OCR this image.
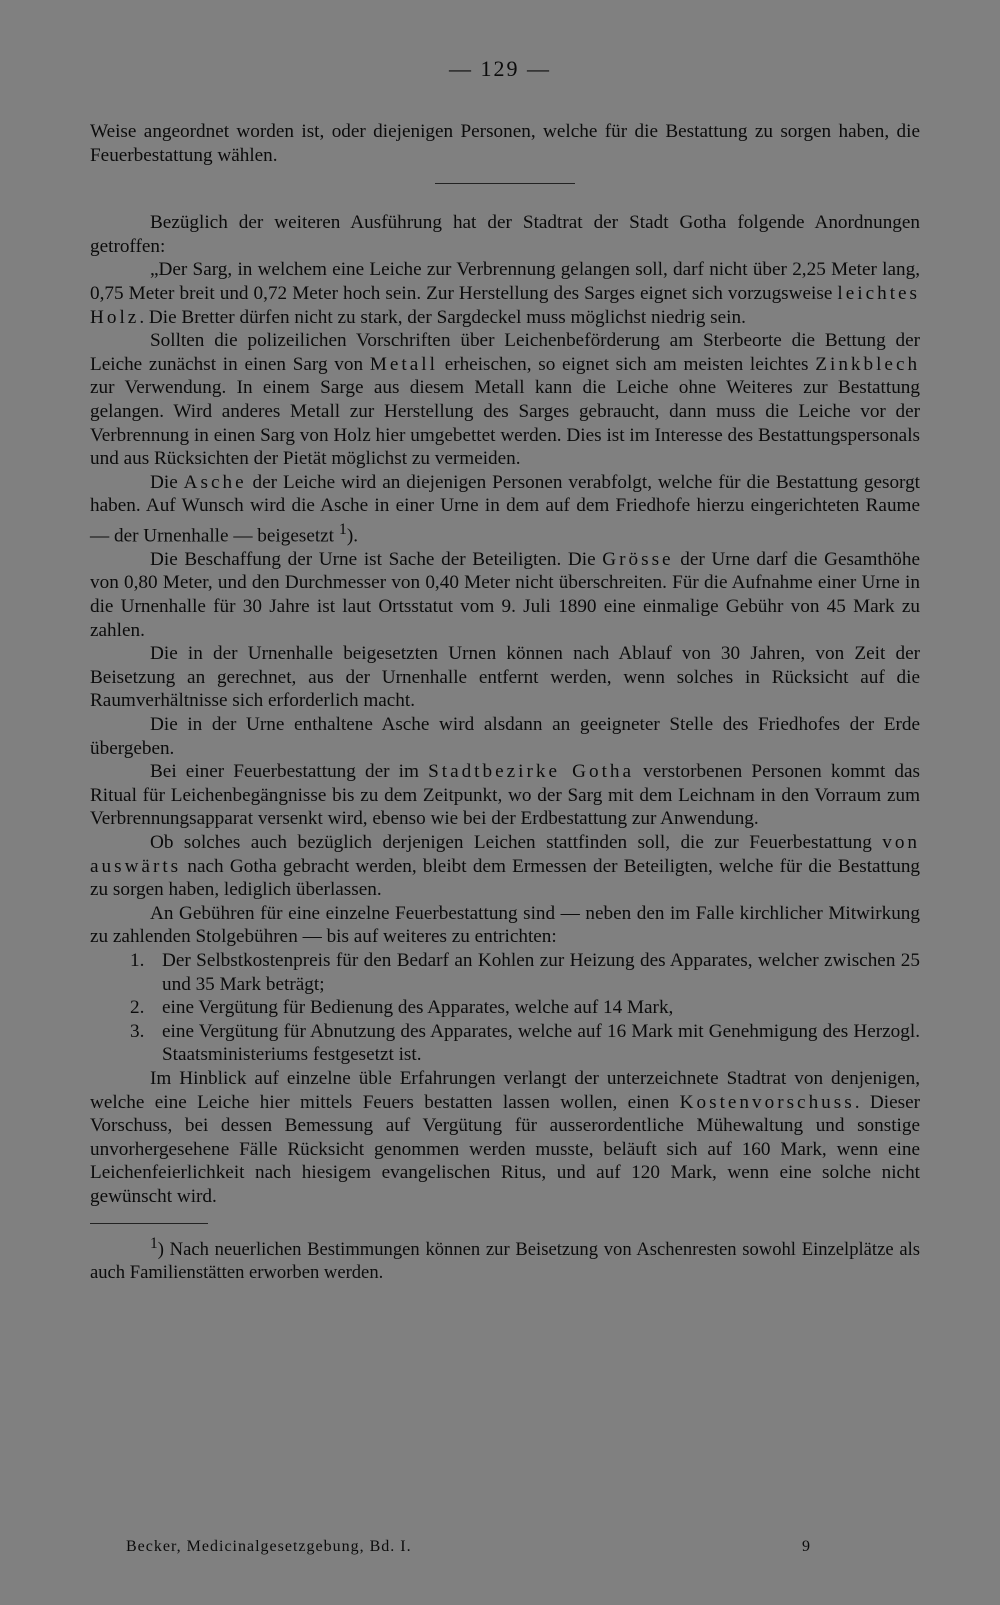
— 129 —

Weise angeordnet worden ist, oder diejenigen Personen, welche für die Bestattung zu sorgen haben, die Feuerbestattung wählen.

Bezüglich der weiteren Ausführung hat der Stadtrat der Stadt Gotha folgende Anordnungen getroffen:

„Der Sarg, in welchem eine Leiche zur Verbrennung gelangen soll, darf nicht über 2,25 Meter lang, 0,75 Meter breit und 0,72 Meter hoch sein. Zur Herstellung des Sarges eignet sich vorzugsweise leichtes Holz. Die Bretter dürfen nicht zu stark, der Sargdeckel muss möglichst niedrig sein.

Sollten die polizeilichen Vorschriften über Leichenbeförderung am Sterbeorte die Bettung der Leiche zunächst in einen Sarg von Metall erheischen, so eignet sich am meisten leichtes Zinkblech zur Verwendung. In einem Sarge aus diesem Metall kann die Leiche ohne Weiteres zur Bestattung gelangen. Wird anderes Metall zur Herstellung des Sarges gebraucht, dann muss die Leiche vor der Verbrennung in einen Sarg von Holz hier umgebettet werden. Dies ist im Interesse des Bestattungspersonals und aus Rücksichten der Pietät möglichst zu vermeiden.

Die Asche der Leiche wird an diejenigen Personen verabfolgt, welche für die Bestattung gesorgt haben. Auf Wunsch wird die Asche in einer Urne in dem auf dem Friedhofe hierzu eingerichteten Raume — der Urnenhalle — beigesetzt $^1$).

Die Beschaffung der Urne ist Sache der Beteiligten. Die Grösse der Urne darf die Gesamthöhe von 0,80 Meter, und den Durchmesser von 0,40 Meter nicht überschreiten. Für die Aufnahme einer Urne in die Urnenhalle für 30 Jahre ist laut Ortsstatut vom 9. Juli 1890 eine einmalige Gebühr von 45 Mark zu zahlen.

Die in der Urnenhalle beigesetzten Urnen können nach Ablauf von 30 Jahren, von Zeit der Beisetzung an gerechnet, aus der Urnenhalle entfernt werden, wenn solches in Rücksicht auf die Raumverhältnisse sich erforderlich macht.

Die in der Urne enthaltene Asche wird alsdann an geeigneter Stelle des Friedhofes der Erde übergeben.

Bei einer Feuerbestattung der im Stadtbezirke Gotha verstorbenen Personen kommt das Ritual für Leichenbegängnisse bis zu dem Zeitpunkt, wo der Sarg mit dem Leichnam in den Vorraum zum Verbrennungsapparat versenkt wird, ebenso wie bei der Erdbestattung zur Anwendung.

Ob solches auch bezüglich derjenigen Leichen stattfinden soll, die zur Feuerbestattung von auswärts nach Gotha gebracht werden, bleibt dem Ermessen der Beteiligten, welche für die Bestattung zu sorgen haben, lediglich überlassen.

An Gebühren für eine einzelne Feuerbestattung sind — neben den im Falle kirchlicher Mitwirkung zu zahlenden Stolgebühren — bis auf weiteres zu entrichten:

1. Der Selbstkostenpreis für den Bedarf an Kohlen zur Heizung des Apparates, welcher zwischen 25 und 35 Mark beträgt;
2. eine Vergütung für Bedienung des Apparates, welche auf 14 Mark,
3. eine Vergütung für Abnutzung des Apparates, welche auf 16 Mark mit Genehmigung des Herzogl. Staatsministeriums festgesetzt ist.

Im Hinblick auf einzelne üble Erfahrungen verlangt der unterzeichnete Stadtrat von denjenigen, welche eine Leiche hier mittels Feuers bestatten lassen wollen, einen Kostenvorschuss. Dieser Vorschuss, bei dessen Bemessung auf Vergütung für ausserordentliche Mühewaltung und sonstige unvorhergesehene Fälle Rücksicht genommen werden musste, beläuft sich auf 160 Mark, wenn eine Leichenfeierlichkeit nach hiesigem evangelischen Ritus, und auf 120 Mark, wenn eine solche nicht gewünscht wird.

$^1$) Nach neuerlichen Bestimmungen können zur Beisetzung von Aschenresten sowohl Einzelplätze als auch Familienstätten erworben werden.

Becker, Medicinalgesetzgebung, Bd. I.	9
